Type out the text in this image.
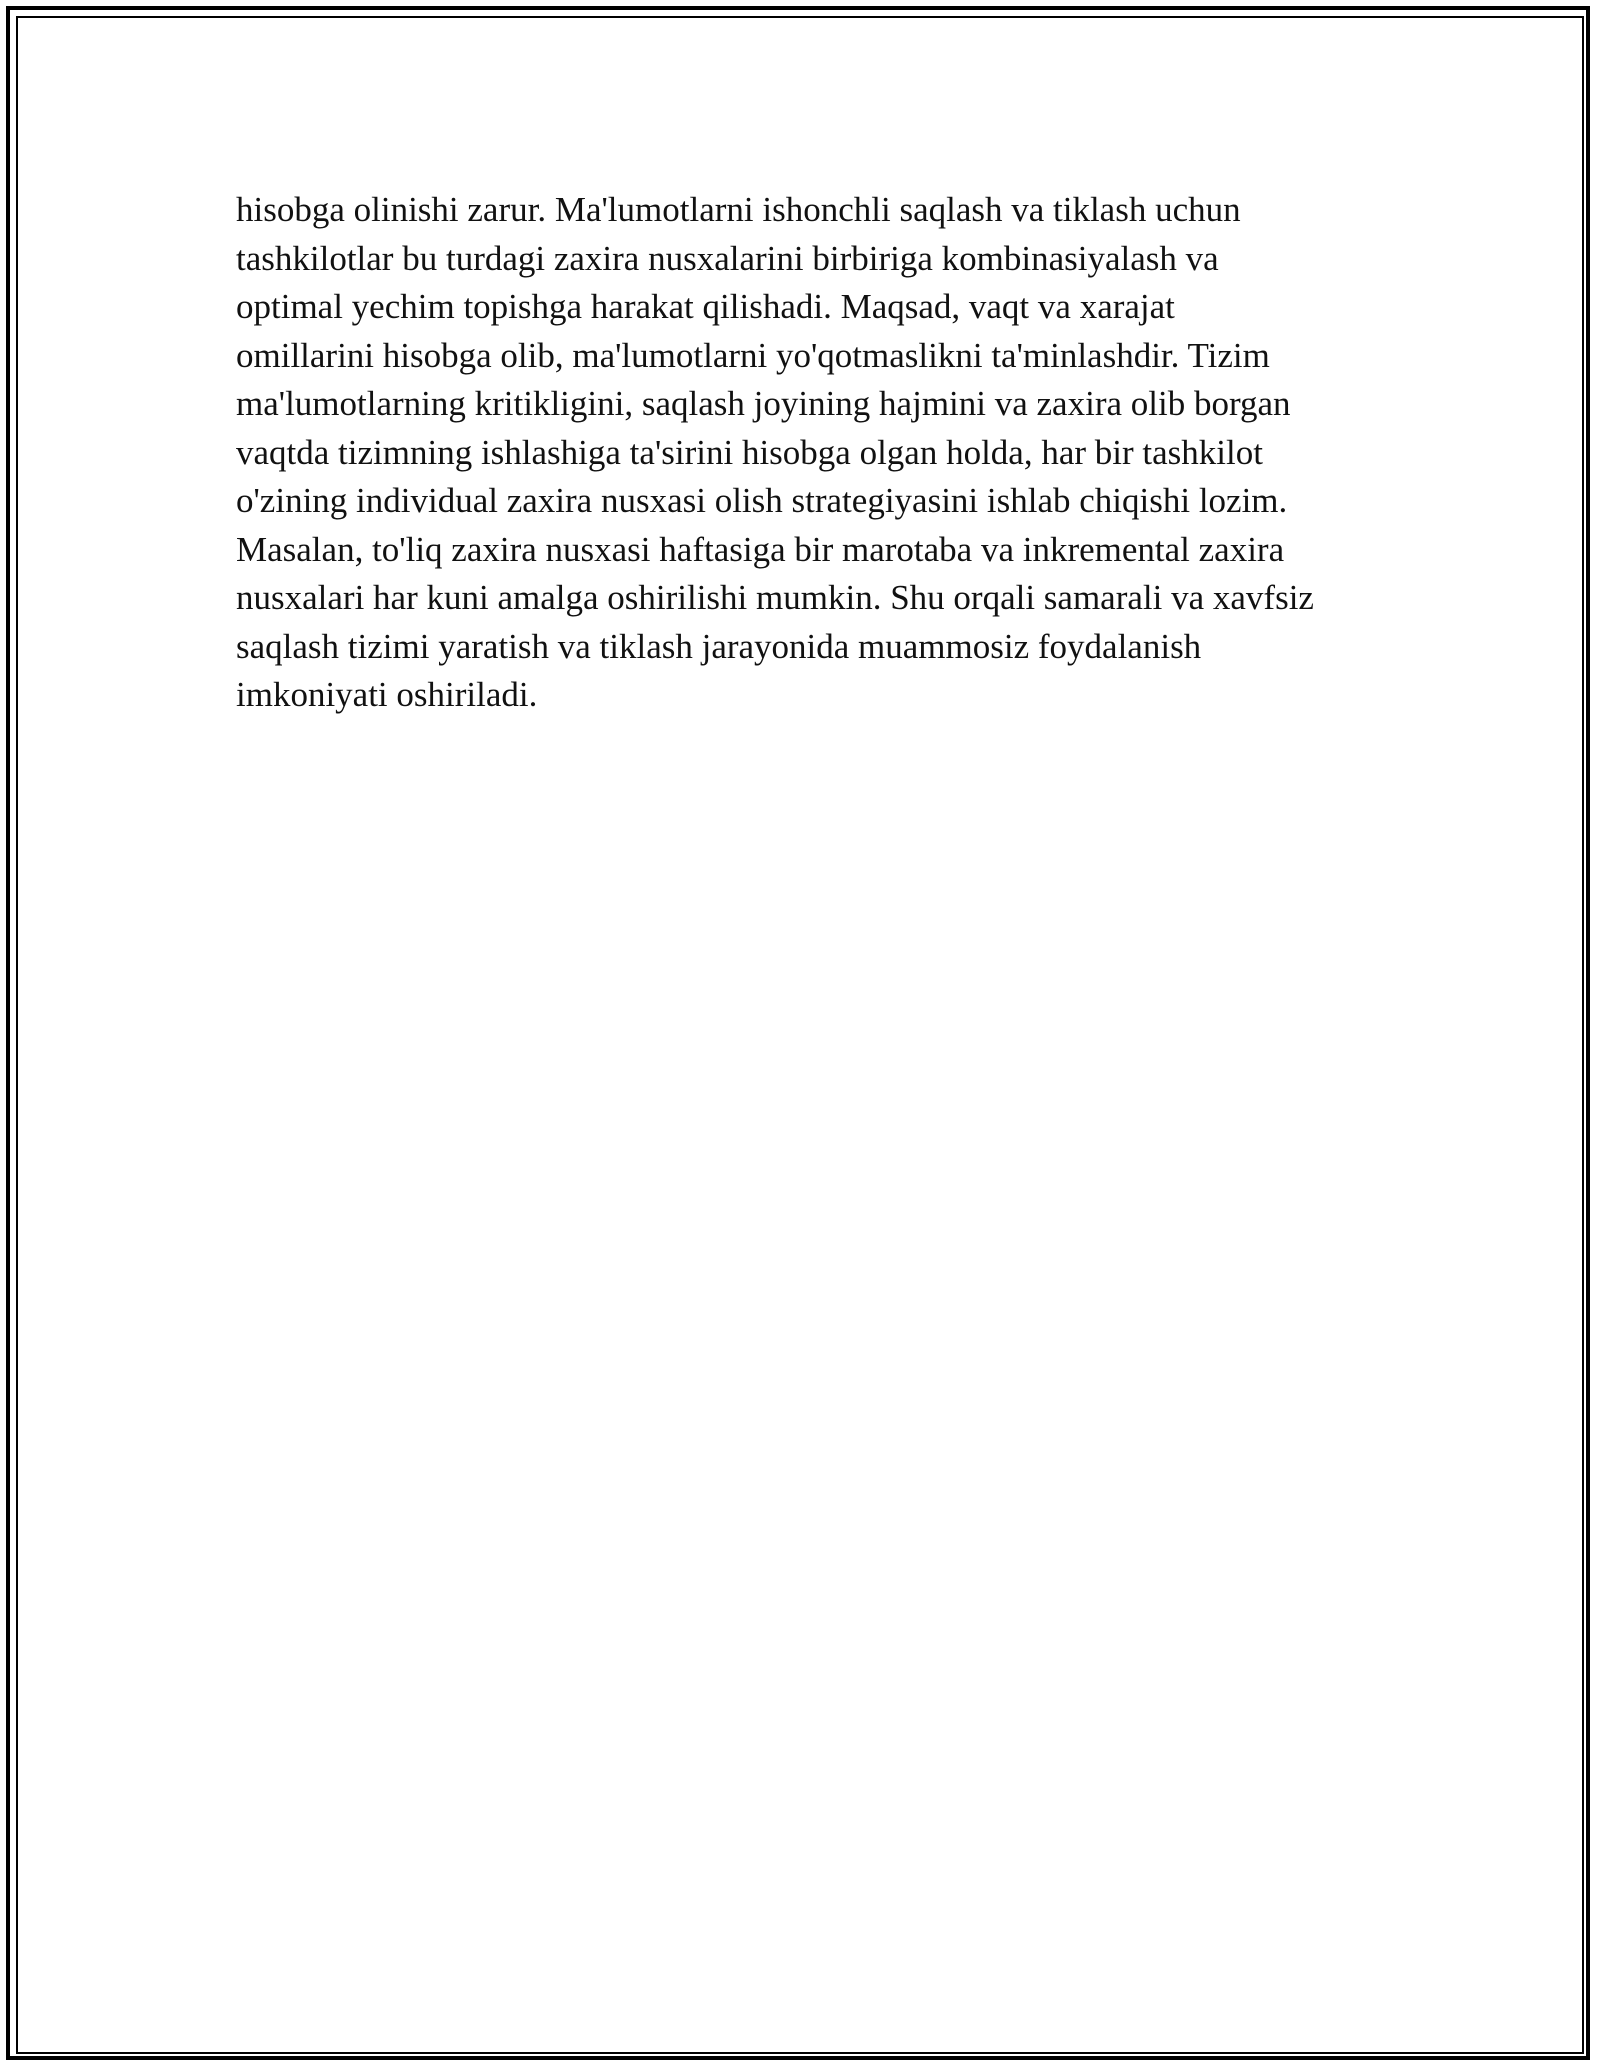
hisobga olinishi zarur. Ma'lumotlarni ishonchli saqlash va tiklash uchun
tashkilotlar bu turdagi zaxira nusxalarini birbiriga kombinasiyalash va
optimal yechim topishga harakat qilishadi. Maqsad, vaqt va xarajat
omillarini hisobga olib, ma'lumotlarni yo'qotmaslikni ta'minlashdir. Tizim
ma'lumotlarning kritikligini, saqlash joyining hajmini va zaxira olib borgan
vaqtda tizimning ishlashiga ta'sirini hisobga olgan holda, har bir tashkilot
o'zining individual zaxira nusxasi olish strategiyasini ishlab chiqishi lozim.
Masalan, to'liq zaxira nusxasi haftasiga bir marotaba va inkremental zaxira
nusxalari har kuni amalga oshirilishi mumkin. Shu orqali samarali va xavfsiz
saqlash tizimi yaratish va tiklash jarayonida muammosiz foydalanish
imkoniyati oshiriladi.
